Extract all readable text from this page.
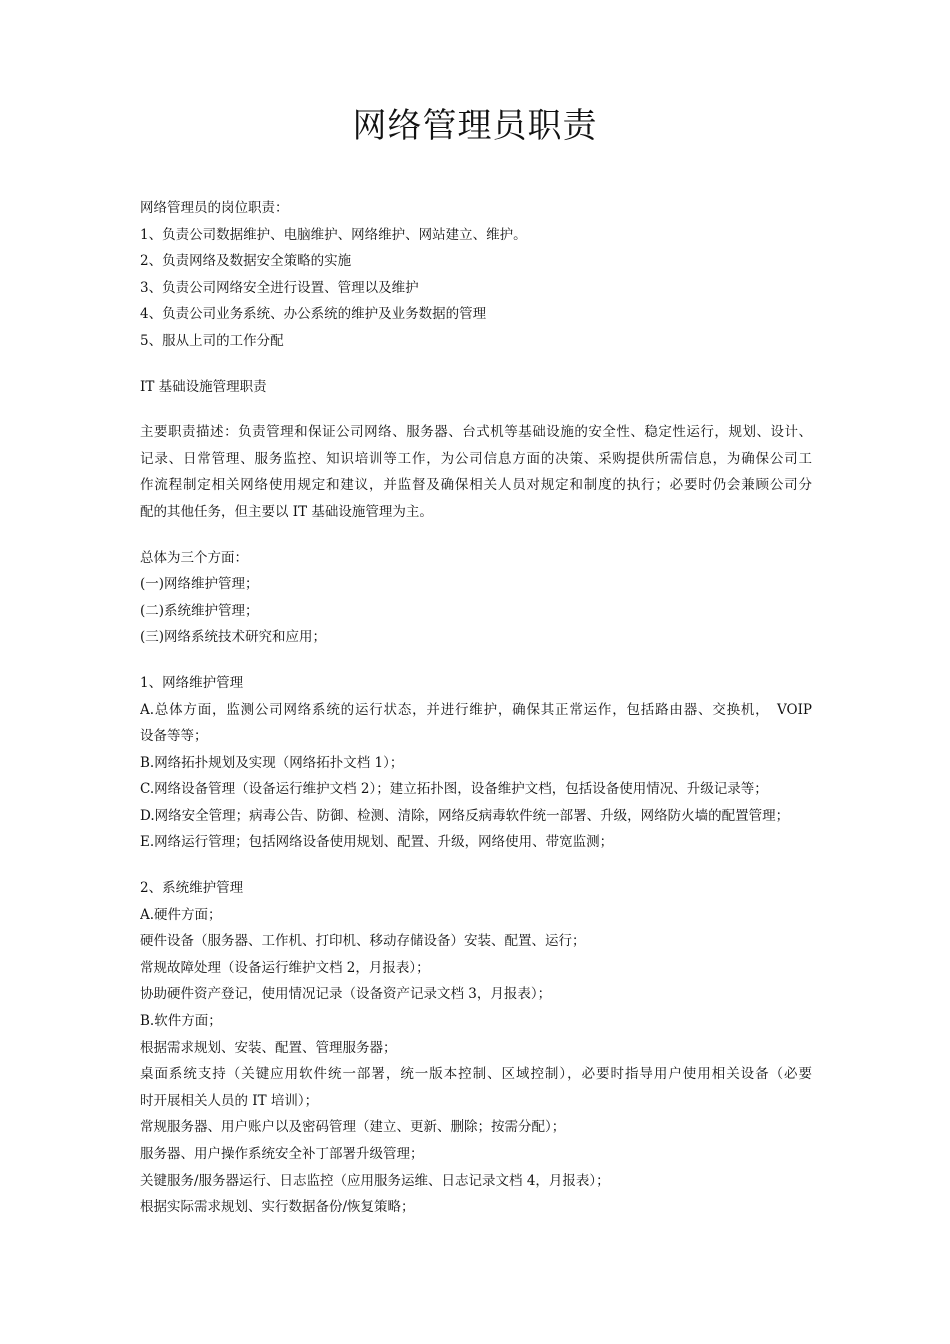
网络管理员职责
网络管理员的岗位职责：
1、负责公司数据维护、电脑维护、网络维护、网站建立、维护。
2、负责网络及数据安全策略的实施
3、负责公司网络安全进行设置、管理以及维护
4、负责公司业务系统、办公系统的维护及业务数据的管理
5、服从上司的工作分配
IT 基础设施管理职责
主要职责描述：负责管理和保证公司网络、服务器、台式机等基础设施的安全性、稳定性运行，规划、设计、
记录、日常管理、服务监控、知识培训等工作，为公司信息方面的决策、采购提供所需信息，为确保公司工
作流程制定相关网络使用规定和建议，并监督及确保相关人员对规定和制度的执行；必要时仍会兼顾公司分
配的其他任务，但主要以 IT 基础设施管理为主。
总体为三个方面：
(一)网络维护管理；
(二)系统维护管理；
(三)网络系统技术研究和应用；
1、网络维护管理
A.总体方面，监测公司网络系统的运行状态，并进行维护，确保其正常运作，包括路由器、交换机，　VOIP
设备等等；
B.网络拓扑规划及实现（网络拓扑文档 1）；
C.网络设备管理（设备运行维护文档 2）；建立拓扑图，设备维护文档，包括设备使用情况、升级记录等；
D.网络安全管理；病毒公告、防御、检测、清除，网络反病毒软件统一部署、升级，网络防火墙的配置管理；
E.网络运行管理；包括网络设备使用规划、配置、升级，网络使用、带宽监测；
2、系统维护管理
A.硬件方面；
硬件设备（服务器、工作机、打印机、移动存储设备）安装、配置、运行；
常规故障处理（设备运行维护文档 2，月报表）；
协助硬件资产登记，使用情况记录（设备资产记录文档 3，月报表）；
B.软件方面；
根据需求规划、安装、配置、管理服务器；
桌面系统支持（关键应用软件统一部署，统一版本控制、区域控制），必要时指导用户使用相关设备（必要
时开展相关人员的 IT 培训）；
常规服务器、用户账户以及密码管理（建立、更新、删除；按需分配）；
服务器、用户操作系统安全补丁部署升级管理；
关键服务/服务器运行、日志监控（应用服务运维、日志记录文档 4，月报表）；
根据实际需求规划、实行数据备份/恢复策略；
